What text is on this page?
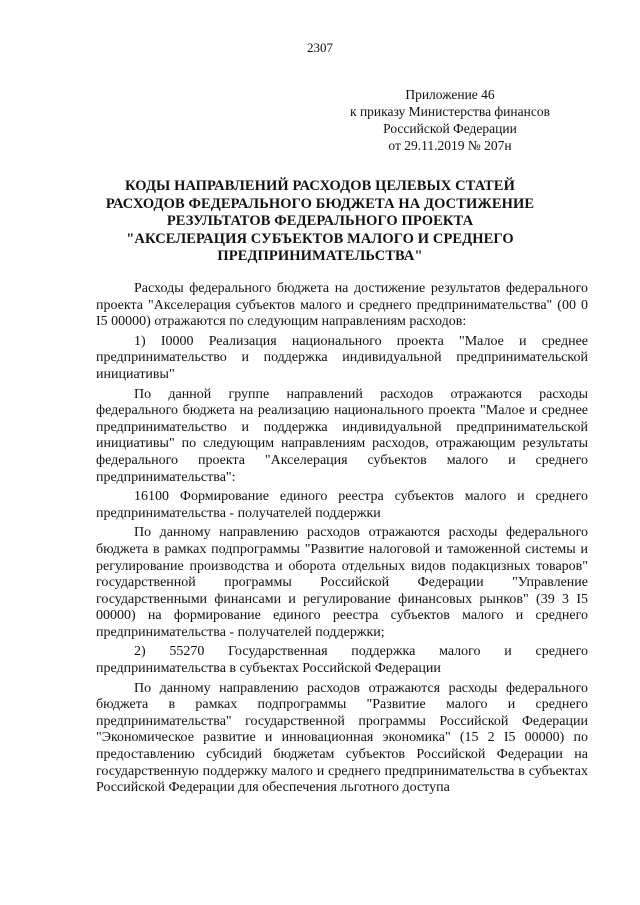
2307
Приложение 46
к приказу Министерства финансов
Российской Федерации
от 29.11.2019 № 207н
КОДЫ НАПРАВЛЕНИЙ РАСХОДОВ ЦЕЛЕВЫХ СТАТЕЙ
РАСХОДОВ ФЕДЕРАЛЬНОГО БЮДЖЕТА НА ДОСТИЖЕНИЕ
РЕЗУЛЬТАТОВ ФЕДЕРАЛЬНОГО ПРОЕКТА
"АКСЕЛЕРАЦИЯ СУБЪЕКТОВ МАЛОГО И СРЕДНЕГО
ПРЕДПРИНИМАТЕЛЬСТВА"

Расходы федерального бюджета на достижение результатов федерального проекта "Акселерация субъектов малого и среднего предпринимательства" (00 0 I5 00000) отражаются по следующим направлениям расходов:

1) I0000 Реализация национального проекта "Малое и среднее предпринимательство и поддержка индивидуальной предпринимательской инициативы"

По данной группе направлений расходов отражаются расходы федерального бюджета на реализацию национального проекта "Малое и среднее предпринимательство и поддержка индивидуальной предпринимательской инициативы" по следующим направлениям расходов, отражающим результаты федерального проекта "Акселерация субъектов малого и среднего предпринимательства":

16100 Формирование единого реестра субъектов малого и среднего предпринимательства - получателей поддержки

По данному направлению расходов отражаются расходы федерального бюджета в рамках подпрограммы "Развитие налоговой и таможенной системы и регулирование производства и оборота отдельных видов подакцизных товаров" государственной программы Российской Федерации "Управление государственными финансами и регулирование финансовых рынков" (39 3 I5 00000) на формирование единого реестра субъектов малого и среднего предпринимательства - получателей поддержки;

2) 55270 Государственная поддержка малого и среднего предпринимательства в субъектах Российской Федерации

По данному направлению расходов отражаются расходы федерального бюджета в рамках подпрограммы "Развитие малого и среднего предпринимательства" государственной программы Российской Федерации "Экономическое развитие и инновационная экономика" (15 2 I5 00000) по предоставлению субсидий бюджетам субъектов Российской Федерации на государственную поддержку малого и среднего предпринимательства в субъектах Российской Федерации для обеспечения льготного доступа
